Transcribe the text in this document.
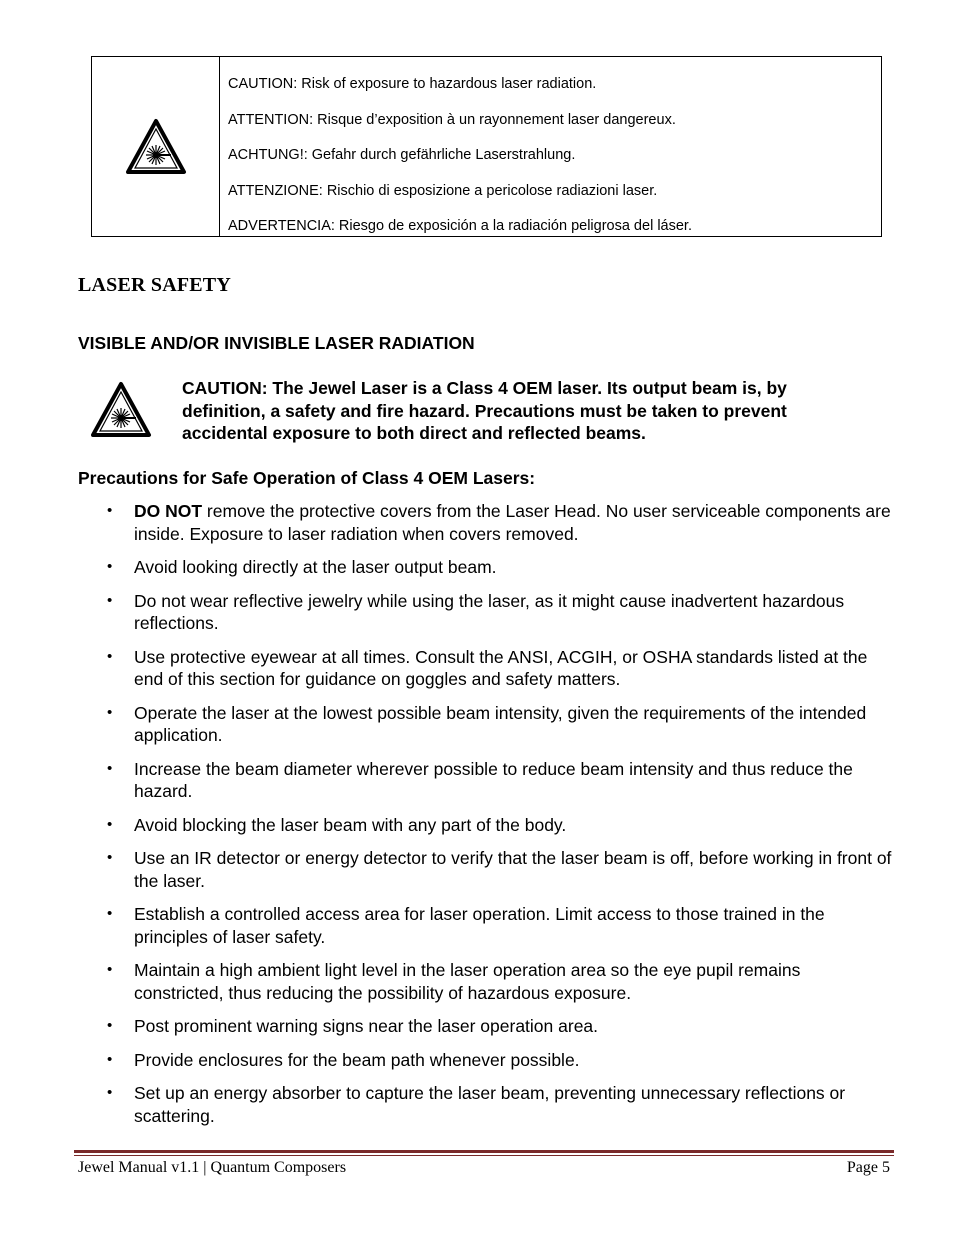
CAUTION: Risk of exposure to hazardous laser radiation.

ATTENTION: Risque d’exposition à un rayonnement laser dangereux.

ACHTUNG!: Gefahr durch gefährliche Laserstrahlung.

ATTENZIONE: Rischio di esposizione a pericolose radiazioni laser.

ADVERTENCIA: Riesgo de exposición a la radiación peligrosa del láser.

LASER SAFETY
VISIBLE AND/OR INVISIBLE LASER RADIATION

CAUTION: The Jewel Laser is a Class 4 OEM laser. Its output beam is, by definition, a safety and fire hazard. Precautions must be taken to prevent accidental exposure to both direct and reflected beams.

Precautions for Safe Operation of Class 4 OEM Lasers:
• DO NOT remove the protective covers from the Laser Head. No user serviceable components are inside. Exposure to laser radiation when covers removed.
• Avoid looking directly at the laser output beam.
• Do not wear reflective jewelry while using the laser, as it might cause inadvertent hazardous reflections.
• Use protective eyewear at all times. Consult the ANSI, ACGIH, or OSHA standards listed at the end of this section for guidance on goggles and safety matters.
• Operate the laser at the lowest possible beam intensity, given the requirements of the intended application.
• Increase the beam diameter wherever possible to reduce beam intensity and thus reduce the hazard.
• Avoid blocking the laser beam with any part of the body.
• Use an IR detector or energy detector to verify that the laser beam is off, before working in front of the laser.
• Establish a controlled access area for laser operation. Limit access to those trained in the principles of laser safety.
• Maintain a high ambient light level in the laser operation area so the eye pupil remains constricted, thus reducing the possibility of hazardous exposure.
• Post prominent warning signs near the laser operation area.
• Provide enclosures for the beam path whenever possible.
• Set up an energy absorber to capture the laser beam, preventing unnecessary reflections or scattering.
Jewel Manual v1.1 | Quantum Composers	Page 5
